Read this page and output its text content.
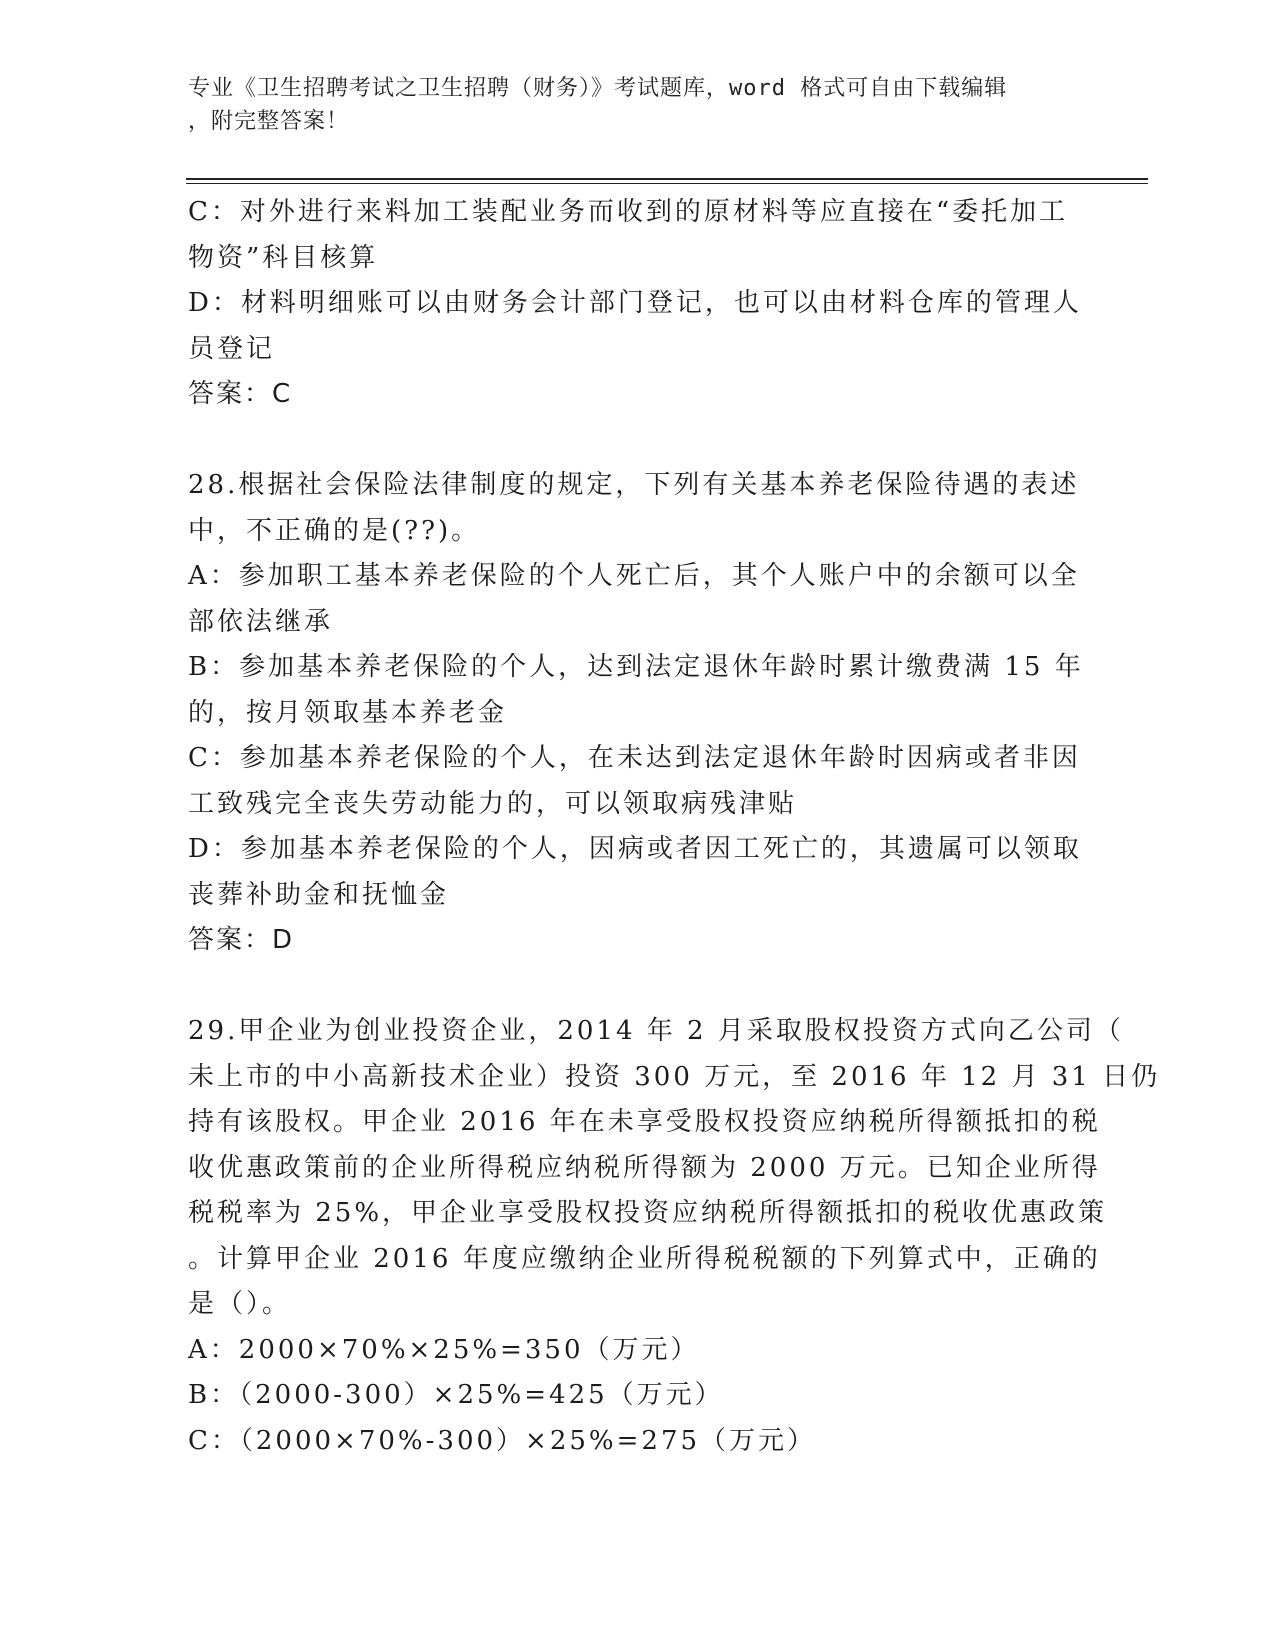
专业《卫生招聘考试之卫生招聘（财务）》考试题库，word 格式可自由下载编辑
，附完整答案！
C：对外进行来料加工装配业务而收到的原材料等应直接在“委托加工
物资”科目核算
D：材料明细账可以由财务会计部门登记，也可以由材料仓库的管理人
员登记
答案：C
28.根据社会保险法律制度的规定，下列有关基本养老保险待遇的表述
中，不正确的是(??)。
A：参加职工基本养老保险的个人死亡后，其个人账户中的余额可以全
部依法继承
B：参加基本养老保险的个人，达到法定退休年龄时累计缴费满 15 年
的，按月领取基本养老金
C：参加基本养老保险的个人，在未达到法定退休年龄时因病或者非因
工致残完全丧失劳动能力的，可以领取病残津贴
D：参加基本养老保险的个人，因病或者因工死亡的，其遗属可以领取
丧葬补助金和抚恤金
答案：D
29.甲企业为创业投资企业，2014 年 2 月采取股权投资方式向乙公司（
未上市的中小高新技术企业）投资 300 万元，至 2016 年 12 月 31 日仍
持有该股权。甲企业 2016 年在未享受股权投资应纳税所得额抵扣的税
收优惠政策前的企业所得税应纳税所得额为 2000 万元。已知企业所得
税税率为 25%，甲企业享受股权投资应纳税所得额抵扣的税收优惠政策
。计算甲企业 2016 年度应缴纳企业所得税税额的下列算式中，正确的
是（）。
A：2000×70%×25%=350（万元）
B：（2000-300）×25%=425（万元）
C：（2000×70%-300）×25%=275（万元）
